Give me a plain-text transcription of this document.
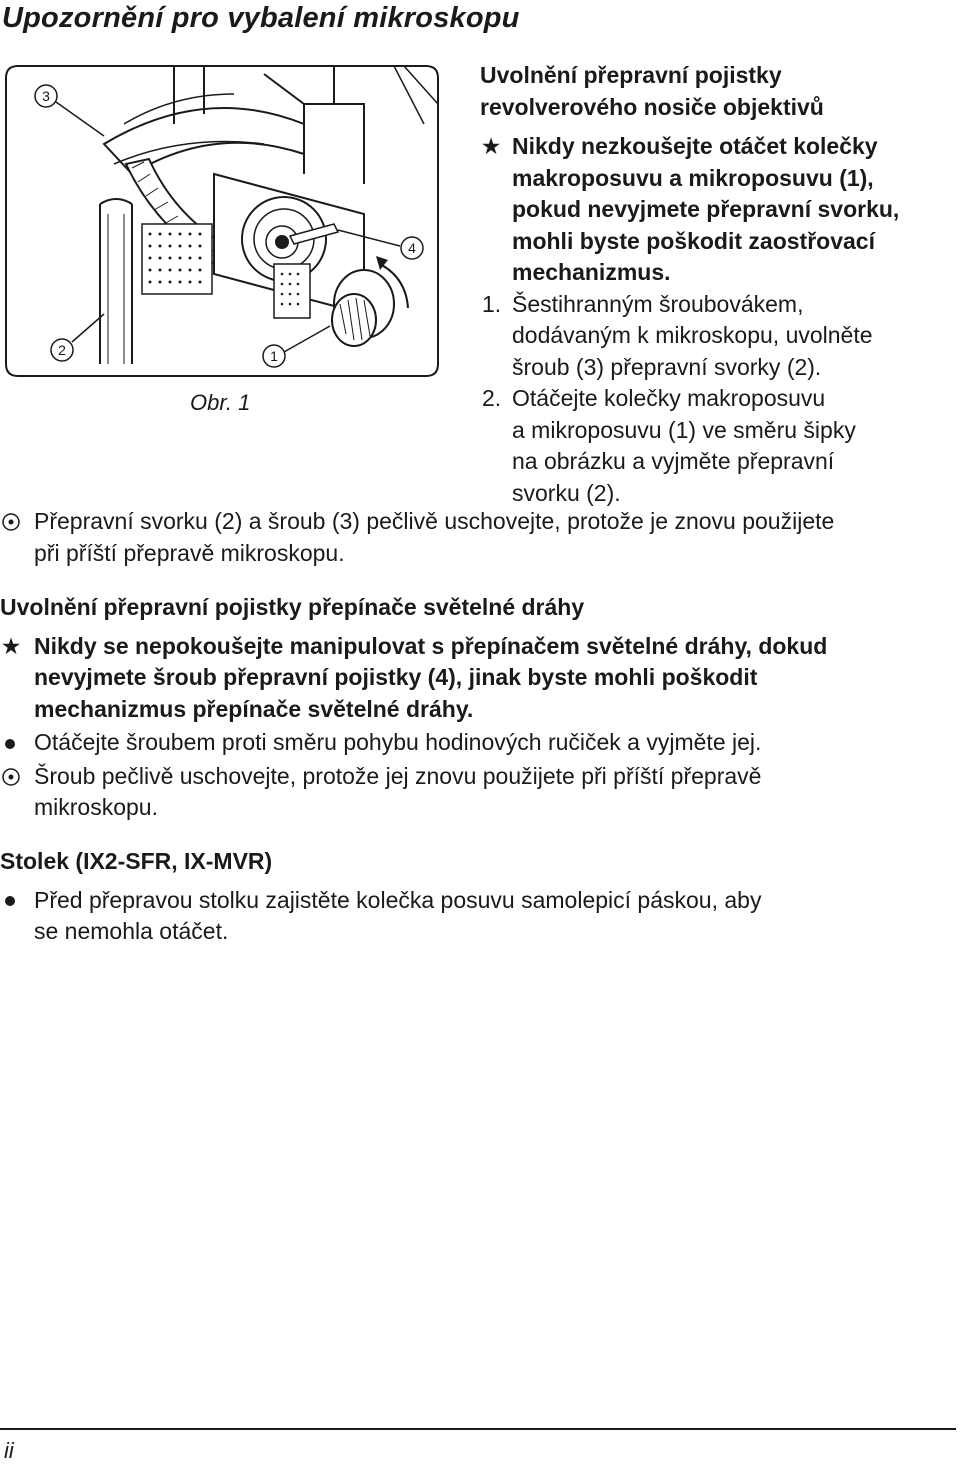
Upozornění pro vybalení mikroskopu
3
2	1
4
Obr. 1
Uvolnění přepravní pojistky
revolverového nosiče objektivů
★ Nikdy nezkoušejte otáčet kolečky
makroposuvu a mikroposuvu (1),
pokud nevyjmete přepravní svorku,
mohli byste poškodit zaostřovací
mechanizmus.
1. Šestihranným šroubovákem,
dodávaným k mikroskopu, uvolněte
šroub (3) přepravní svorky (2).
2. Otáčejte kolečky makroposuvu
a mikroposuvu (1) ve směru šipky
na obrázku a vyjměte přepravní
svorku (2).
Přepravní svorku (2) a šroub (3) pečlivě uschovejte, protože je znovu použijete
při příští přepravě mikroskopu.
Uvolnění přepravní pojistky přepínače světelné dráhy
★ Nikdy se nepokoušejte manipulovat s přepínačem světelné dráhy, dokud
nevyjmete šroub přepravní pojistky (4), jinak byste mohli poškodit
mechanizmus přepínače světelné dráhy.
Otáčejte šroubem proti směru pohybu hodinových ručiček a vyjměte jej.
Šroub pečlivě uschovejte, protože jej znovu použijete při příští přepravě
mikroskopu.
Stolek (IX2-SFR, IX-MVR)
Před přepravou stolku zajistěte kolečka posuvu samolepicí páskou, aby
se nemohla otáčet.
ii
